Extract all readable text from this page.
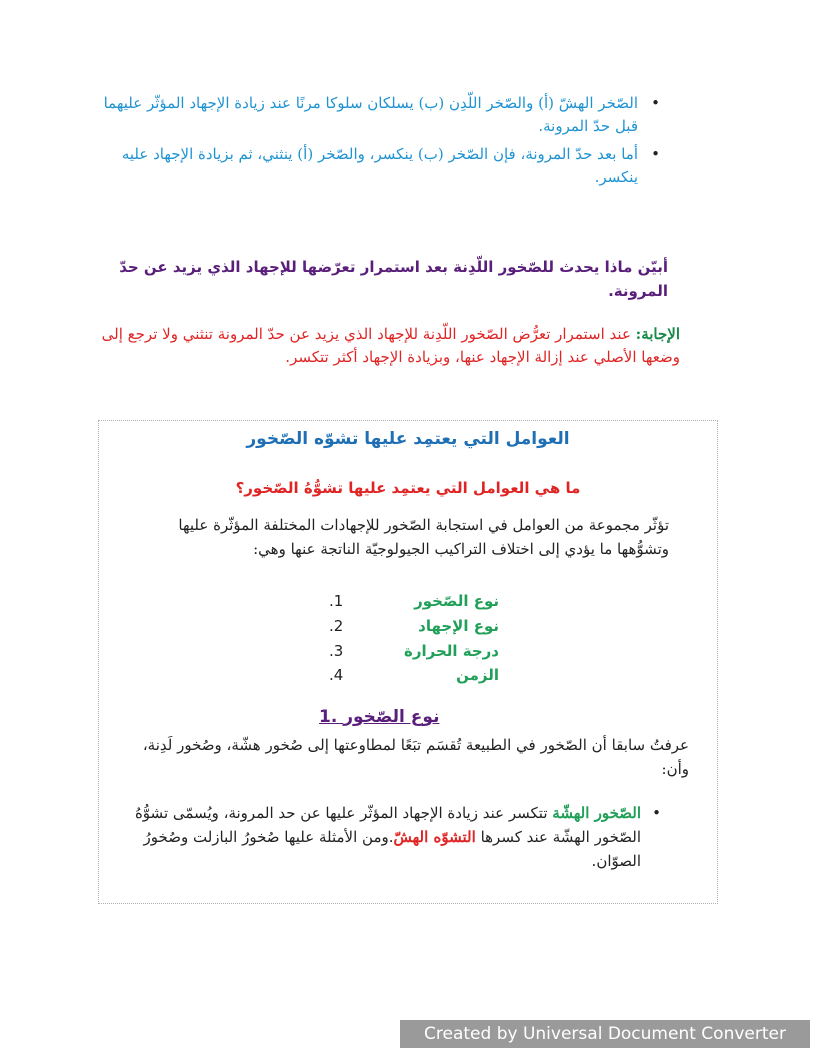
• الصّخر الهشّ (أ) والصّخر اللّدِن (ب) يسلكان سلوكا مرنًا عند زيادة الإجهاد المؤثّر عليهما قبل حدّ المرونة.
• أما بعد حدّ المرونة، فإن الصّخر (ب) ينكسر، والصّخر (أ) ينثني، ثم بزيادة الإجهاد عليه ينكسر.
أبيّن ماذا يحدث للصّخور اللّدِنة بعد استمرار تعرّضها للإجهاد الذي يزيد عن حدّ المرونة.
الإجابة: عند استمرار تعرُّض الصّخور اللّدِنة للإجهاد الذي يزيد عن حدّ المرونة تنثني ولا ترجع إلى وضعها الأصلي عند إزالة الإجهاد عنها، وبزيادة الإجهاد أكثر تتكسر.
العوامل التي يعتمِد عليها تشوّه الصّخور
ما هي العوامل التي يعتمِد عليها تشوُّهُ الصّخور؟
تؤثّر مجموعة من العوامل في استجابة الصّخور للإجهادات المختلفة المؤثّرة عليها وتشوُّهها ما يؤدي إلى اختلاف التراكيب الجيولوجيّة الناتجة عنها وهي:
1.	نوع الصّخور
2.	نوع الإجهاد
3.	درجة الحرارة
4.	الزمن
1. نوع الصّخور
عرفتُ سابقا أن الصّخور في الطبيعة تُقسَم تبَعًا لمطاوعتها إلى صُخور هشّة، وصُخور لَدِنة، وأن:
• الصّخور الهشّة تتكسر عند زيادة الإجهاد المؤثّر عليها عن حد المرونة، ويُسمّى تشوُّهُ الصّخور الهشّة عند كسرها التشوّه الهشّ.ومن الأمثلة عليها صُخورُ البازلت وصُخورُ الصوّان.
Created by Universal Document Converter
